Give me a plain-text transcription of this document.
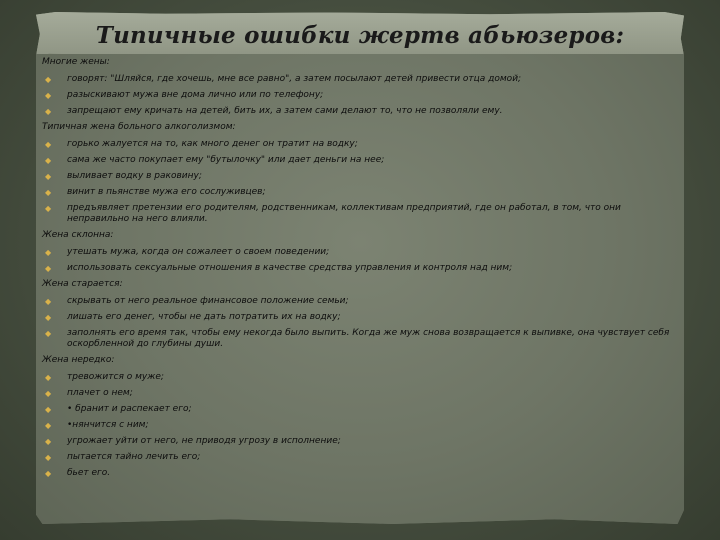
Типичные ошибки жертв абьюзеров:
Многие жены:
◆ говорят: "Шляйся, где хочешь, мне все равно", а затем посылают детей привести отца домой;
◆ разыскивают мужа вне дома лично или по телефону;
◆ запрещают ему кричать на детей, бить их, а затем сами делают то, что не позволяли ему.
Типичная жена больного алкоголизмом:
◆ горько жалуется на то, как много денег он тратит на водку;
◆ сама же часто покупает ему "бутылочку" или дает деньги на нее;
◆ выливает водку в раковину;
◆ винит в пьянстве мужа его сослуживцев;
◆ предъявляет претензии его родителям, родственникам, коллективам предприятий, где он работал, в том, что они неправильно на него влияли.
Жена склонна:
◆ утешать мужа, когда он сожалеет о своем поведении;
◆ использовать сексуальные отношения в качестве средства управления и контроля над ним;
Жена старается:
◆ скрывать от него реальное финансовое положение семьи;
◆ лишать его денег, чтобы не дать потратить их на водку;
◆ заполнять его время так, чтобы ему некогда было выпить. Когда же муж снова возвращается к выпивке, она чувствует себя оскорбленной до глубины души.
Жена нередко:
◆ тревожится о муже;
◆ плачет о нем;
◆ • бранит и распекает его;
◆ •нянчится с ним;
◆ угрожает уйти от него, не приводя угрозу в исполнение;
◆ пытается тайно лечить его;
◆ бьет его.
